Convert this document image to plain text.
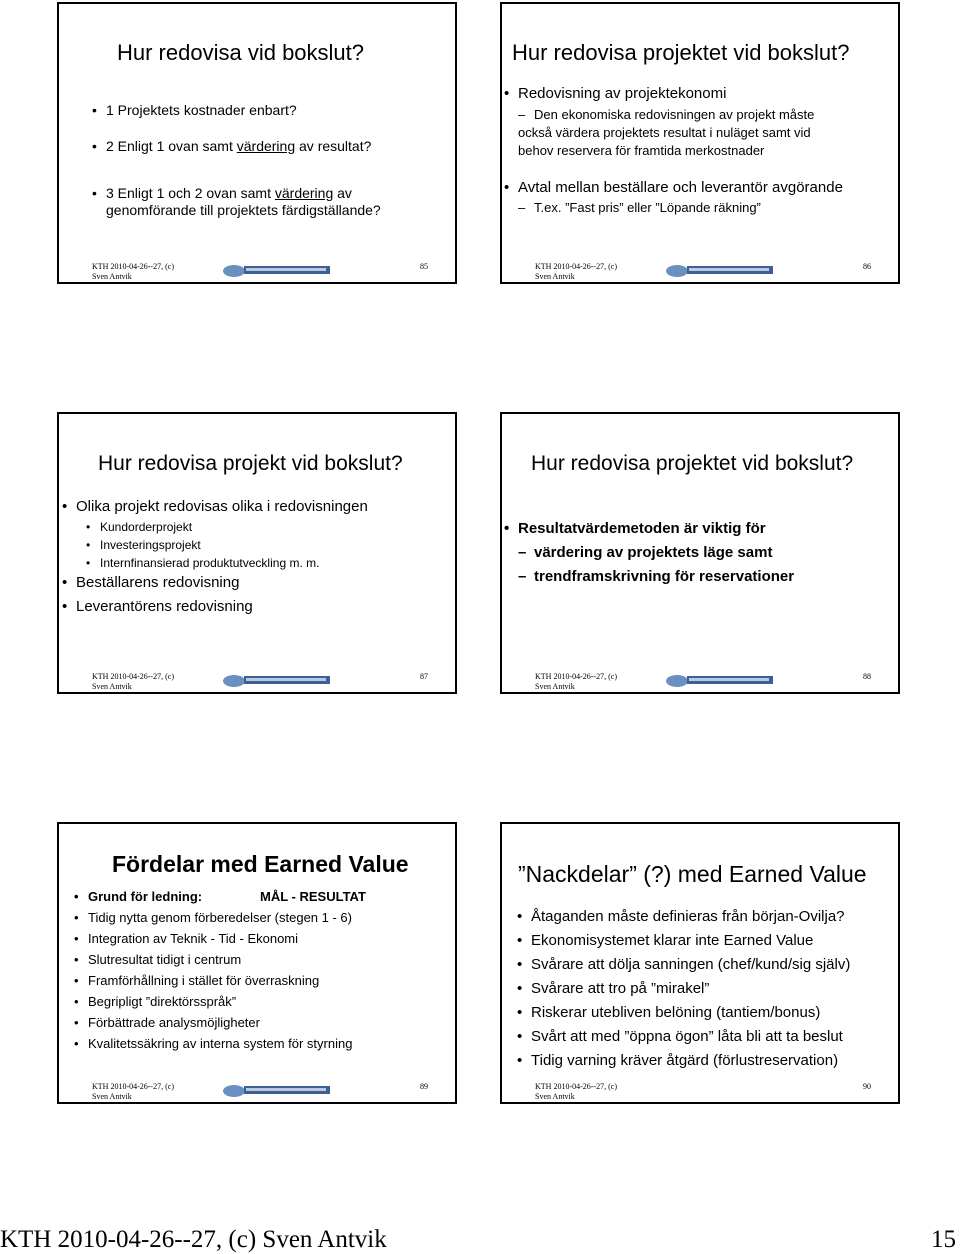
Hur redovisa vid bokslut?
• 1 Projektets kostnader enbart?
• 2 Enligt 1 ovan samt värdering av resultat?
• 3 Enligt 1 och 2 ovan samt värdering av
genomförande till projektets färdigställande?
KTH 2010-04-26--27, (c)
Sven Antvik
85
Hur redovisa projektet vid bokslut?
• Redovisning av projektekonomi
– Den ekonomiska redovisningen av projekt måste
också värdera projektets resultat i nuläget samt vid
behov reservera för framtida merkostnader
• Avtal mellan beställare och leverantör avgörande
– T.ex. ”Fast pris” eller ”Löpande räkning”
KTH 2010-04-26--27, (c)
Sven Antvik
86
Hur redovisa projekt vid bokslut?
• Olika projekt redovisas olika i redovisningen
• Kundorderprojekt
• Investeringsprojekt
• Internfinansierad produktutveckling m. m.
• Beställarens redovisning
• Leverantörens redovisning
KTH 2010-04-26--27, (c)
Sven Antvik
87
Hur redovisa projektet vid bokslut?
• Resultatvärdemetoden är viktig för
– värdering av projektets läge samt
– trendframskrivning för reservationer
KTH 2010-04-26--27, (c)
Sven Antvik
88
Fördelar med Earned Value
• Grund för ledning:	MÅL - RESULTAT
• Tidig nytta genom förberedelser (stegen 1 - 6)
• Integration av Teknik - Tid - Ekonomi
• Slutresultat tidigt i centrum
• Framförhållning i stället för överraskning
• Begripligt ”direktörsspråk”
• Förbättrade analysmöjligheter
• Kvalitetssäkring av interna system för styrning
KTH 2010-04-26--27, (c)
Sven Antvik
89
”Nackdelar” (?) med Earned Value
• Åtaganden måste definieras från början-Ovilja?
• Ekonomisystemet klarar inte Earned Value
• Svårare att dölja sanningen (chef/kund/sig själv)
• Svårare att tro på ”mirakel”
• Riskerar utebliven belöning (tantiem/bonus)
• Svårt att med ”öppna ögon” låta bli att ta beslut
• Tidig varning kräver åtgärd (förlustreservation)
KTH 2010-04-26--27, (c)
Sven Antvik
90
KTH 2010-04-26--27, (c) Sven Antvik	15
